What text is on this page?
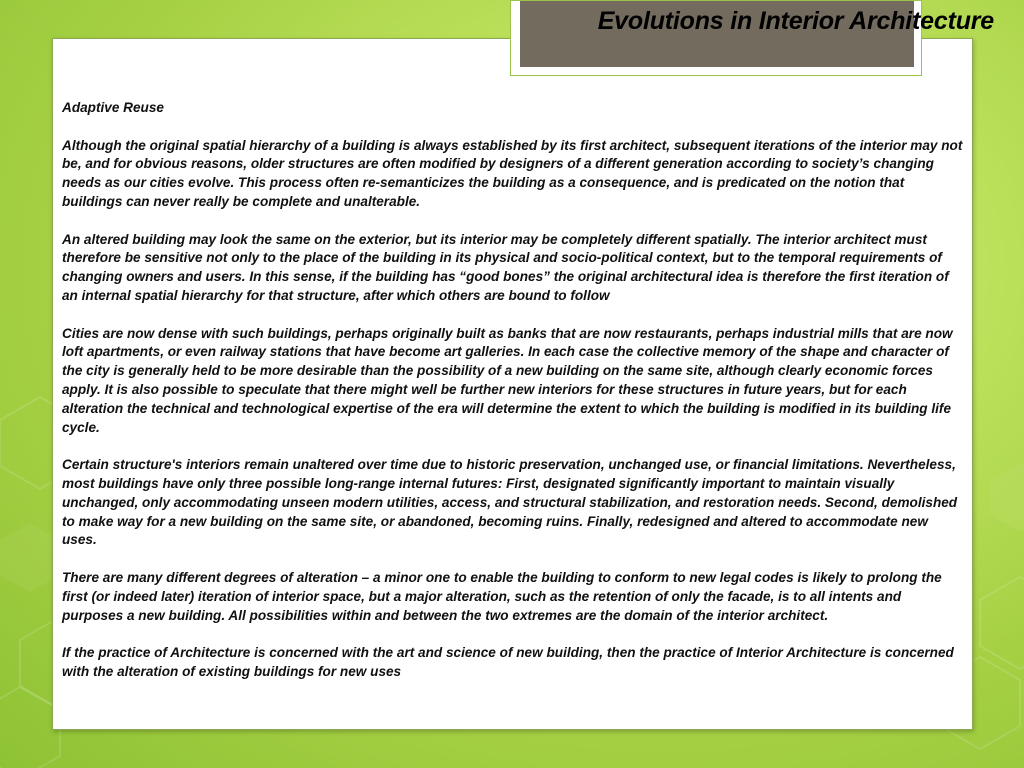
Evolutions in Interior Architecture

Adaptive Reuse

Although the original spatial hierarchy of a building is always established by its first architect, subsequent iterations of the interior may not be, and for obvious reasons, older structures are often modified by designers of a different generation according to society’s changing needs as our cities evolve. This process often re-semanticizes the building as a consequence, and is predicated on the notion that buildings can never really be complete and unalterable.

An altered building may look the same on the exterior, but its interior may be completely different spatially. The interior architect must therefore be sensitive not only to the place of the building in its physical and socio-political context, but to the temporal requirements of changing owners and users. In this sense, if the building has “good bones” the original architectural idea is therefore the first iteration of an internal spatial hierarchy for that structure, after which others are bound to follow

Cities are now dense with such buildings, perhaps originally built as banks that are now restaurants, perhaps industrial mills that are now loft apartments, or even railway stations that have become art galleries. In each case the collective memory of the shape and character of the city is generally held to be more desirable than the possibility of a new building on the same site, although clearly economic forces apply. It is also possible to speculate that there might well be further new interiors for these structures in future years, but for each alteration the technical and technological expertise of the era will determine the extent to which the building is modified in its building life cycle.

Certain structure's interiors remain unaltered over time due to historic preservation, unchanged use, or financial limitations. Nevertheless, most buildings have only three possible long-range internal futures: First, designated significantly important to maintain visually unchanged, only accommodating unseen modern utilities, access, and structural stabilization, and restoration needs. Second, demolished to make way for a new building on the same site, or abandoned, becoming ruins. Finally, redesigned and altered to accommodate new uses.

There are many different degrees of alteration – a minor one to enable the building to conform to new legal codes is likely to prolong the first (or indeed later) iteration of interior space, but a major alteration, such as the retention of only the facade, is to all intents and purposes a new building. All possibilities within and between the two extremes are the domain of the interior architect.

If the practice of Architecture is concerned with the art and science of new building, then the practice of Interior Architecture is concerned with the alteration of existing buildings for new uses
